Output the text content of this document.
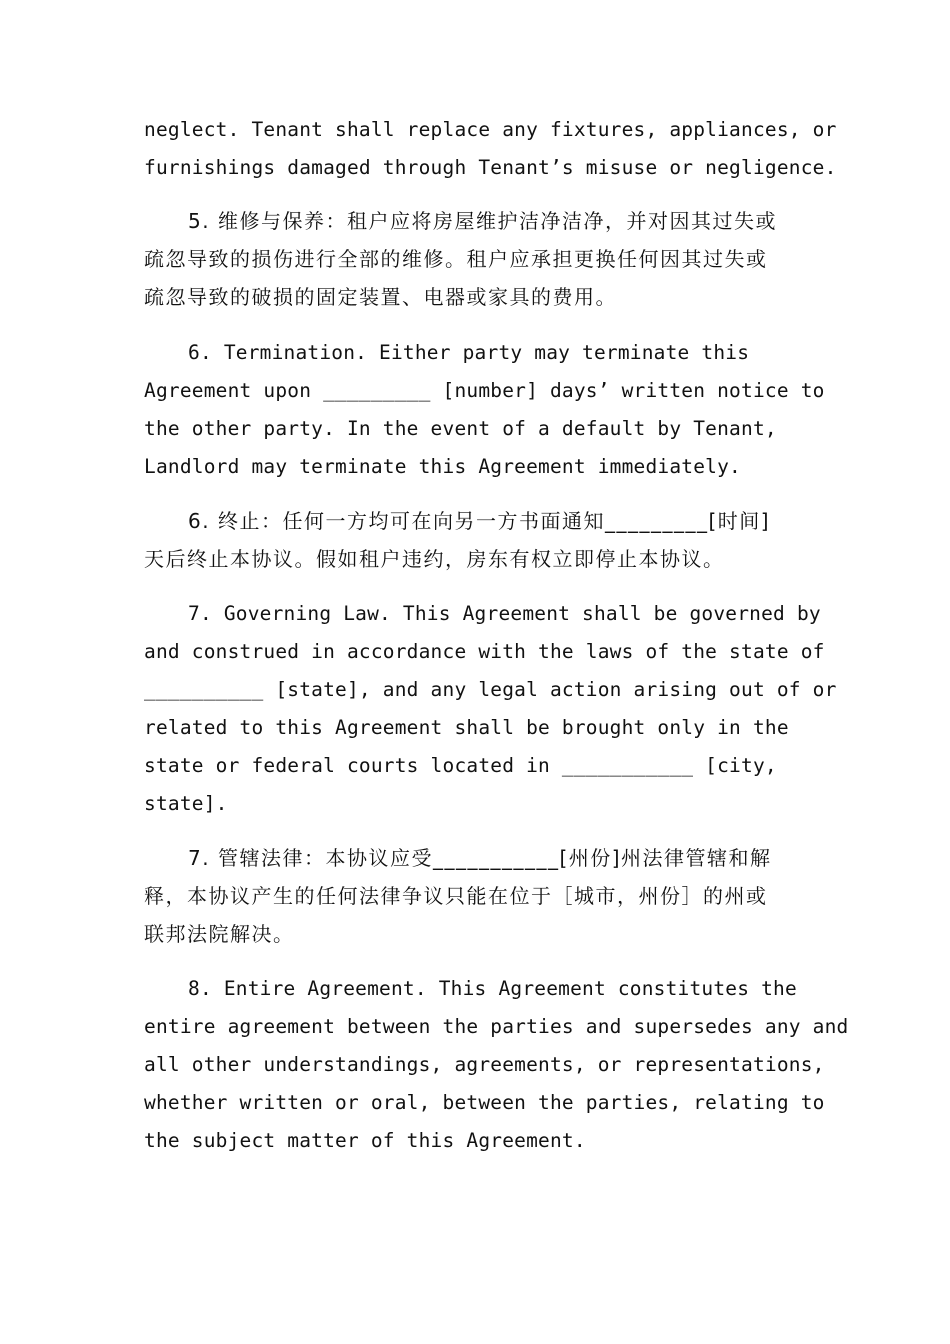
neglect. Tenant shall replace any fixtures, appliances, or

furnishings damaged through Tenant’s misuse or negligence.

5. 维修与保养：租户应将房屋维护洁净洁净，并对因其过失或

疏忽导致的损伤进行全部的维修。租户应承担更换任何因其过失或

疏忽导致的破损的固定装置、电器或家具的费用。

6. Termination. Either party may terminate this

Agreement upon _________ [number] days’ written notice to

the other party. In the event of a default by Tenant,

Landlord may terminate this Agreement immediately.

6. 终止：任何一方均可在向另一方书面通知_________[时间]

天后终止本协议。假如租户违约，房东有权立即停止本协议。

7. Governing Law. This Agreement shall be governed by

and construed in accordance with the laws of the state of

__________ [state], and any legal action arising out of or

related to this Agreement shall be brought only in the

state or federal courts located in ___________ [city,

state].

7. 管辖法律：本协议应受___________[州份]州法律管辖和解

释，本协议产生的任何法律争议只能在位于［城市，州份］的州或

联邦法院解决。

8. Entire Agreement. This Agreement constitutes the

entire agreement between the parties and supersedes any and

all other understandings, agreements, or representations,

whether written or oral, between the parties, relating to

the subject matter of this Agreement.
